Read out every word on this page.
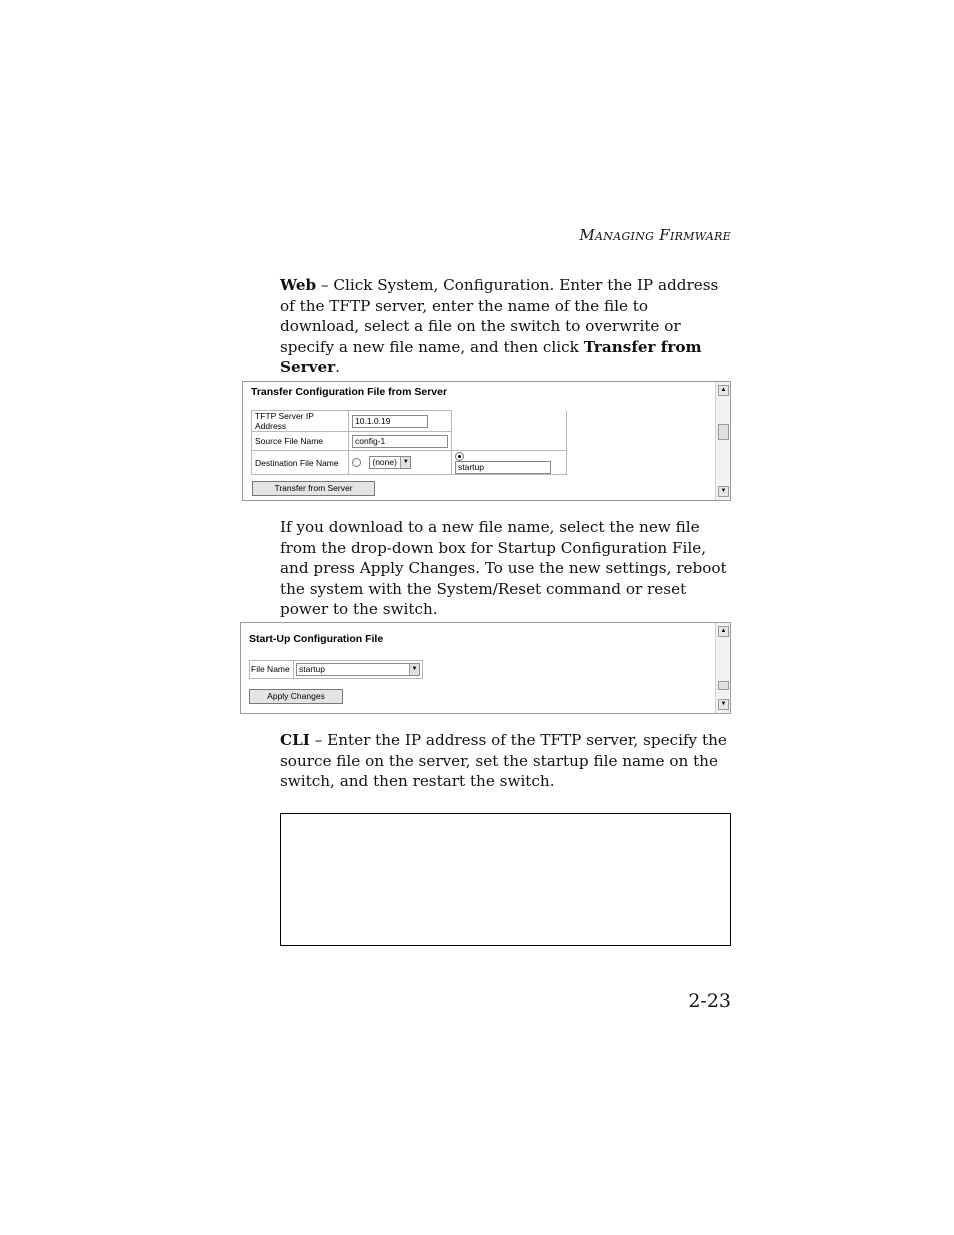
Managing Firmware
Web – Click System, Configuration. Enter the IP address of the TFTP server, enter the name of the file to download, select a file on the switch to overwrite or specify a new file name, and then click Transfer from Server.
Transfer Configuration File from Server
TFTP Server IP Address	10.1.0.19	
Source File Name	config-1	
Destination File Name	(none) ▼	startup
Transfer from Server
▲
▼
If you download to a new file name, select the new file from the drop-down box for Startup Configuration File, and press Apply Changes. To use the new settings, reboot the system with the System/Reset command or reset power to the switch.
Start-Up Configuration File
File Name startup	▼
Apply Changes
▲
▼
CLI – Enter the IP address of the TFTP server, specify the source file on the server, set the startup file name on the switch, and then restart the switch.
2-23
